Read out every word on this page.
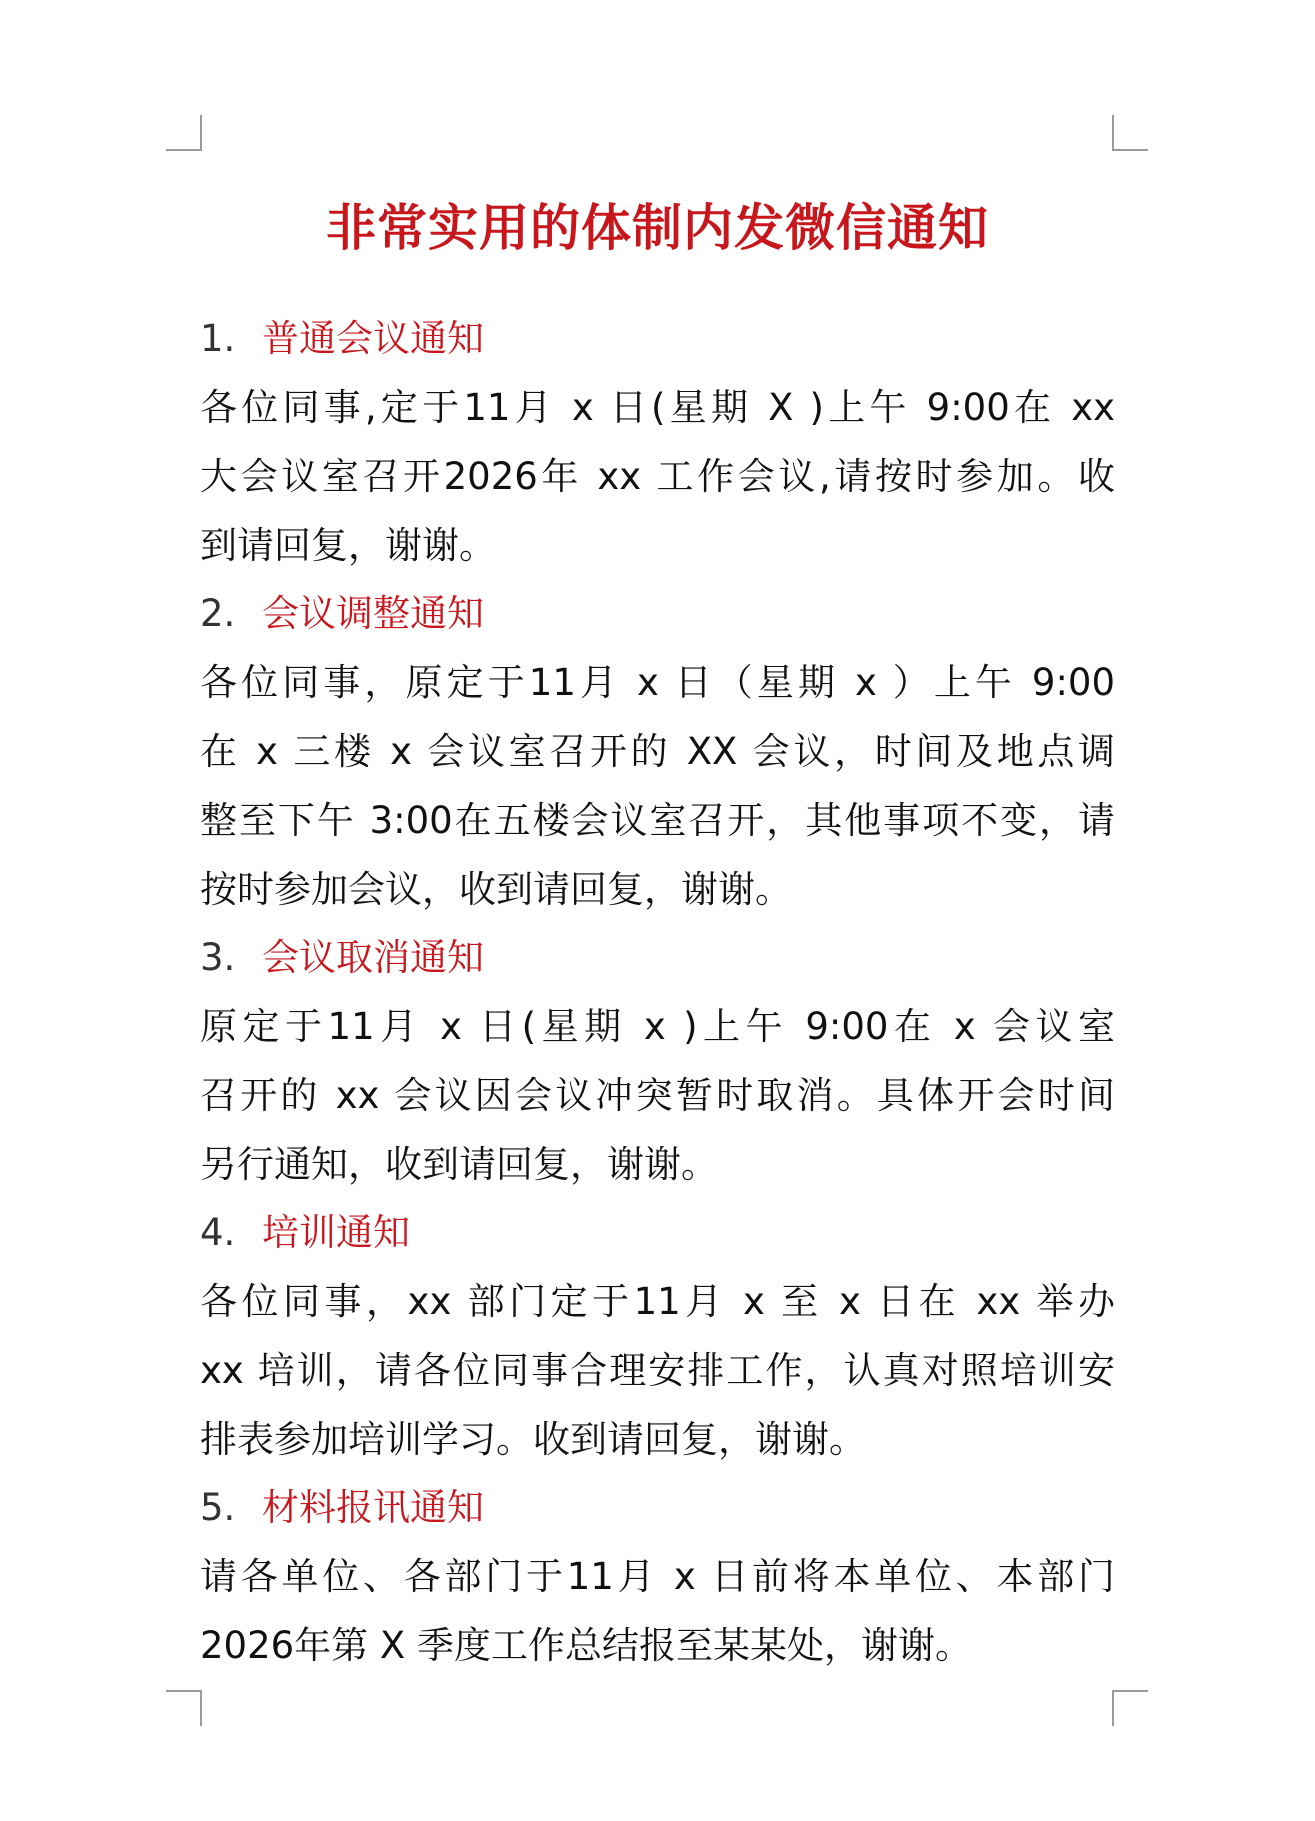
非常实用的体制内发微信通知
1. 普通会议通知
各位同事,定于11月 x 日(星期 X )上午 9:00在 xx
大会议室召开2026年 xx 工作会议,请按时参加。收
到请回复，谢谢。
2. 会议调整通知
各位同事，原定于11月 x 日（星期 x ）上午 9:00
在 x 三楼 x 会议室召开的 XX 会议，时间及地点调
整至下午 3:00在五楼会议室召开，其他事项不变，请
按时参加会议，收到请回复，谢谢。
3. 会议取消通知
原定于11月 x 日(星期 x )上午 9:00在 x 会议室
召开的 xx 会议因会议冲突暂时取消。具体开会时间
另行通知，收到请回复，谢谢。
4. 培训通知
各位同事，xx 部门定于11月 x 至 x 日在 xx 举办
xx 培训，请各位同事合理安排工作，认真对照培训安
排表参加培训学习。收到请回复，谢谢。
5. 材料报讯通知
请各单位、各部门于11月 x 日前将本单位、本部门
2026年第 X 季度工作总结报至某某处，谢谢。
